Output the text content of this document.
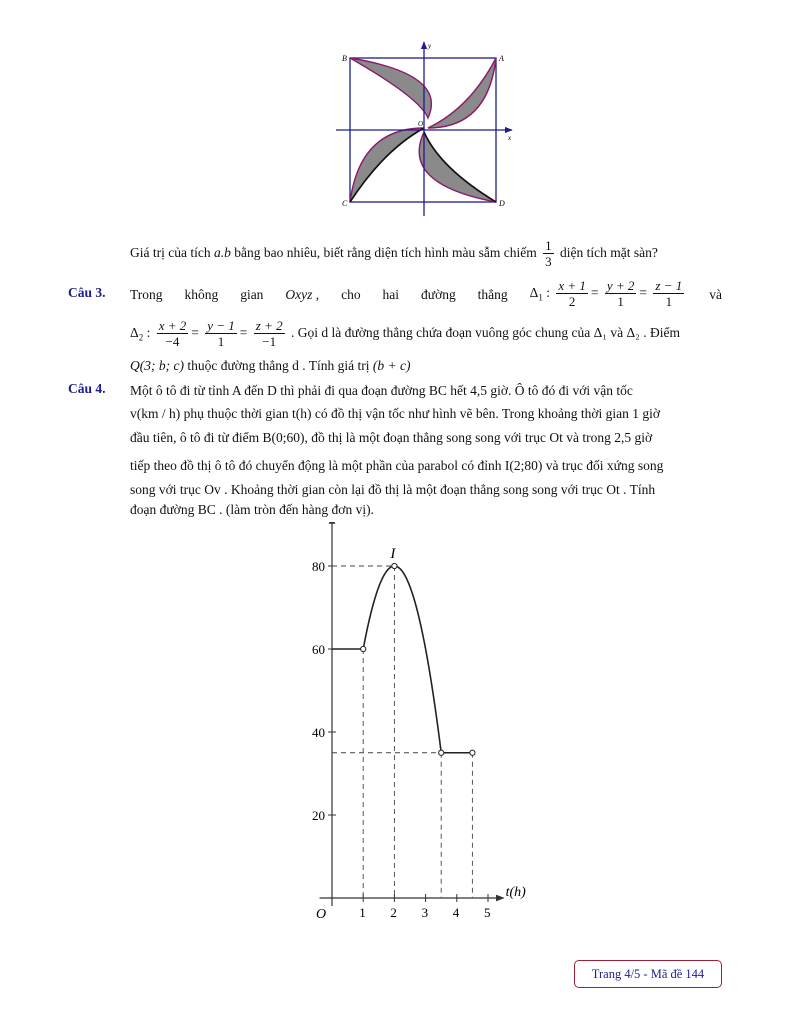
B	A
C	D
O
x
y
Giá trị của tích a.b bằng bao nhiêu, biết rằng diện tích hình màu sẫm chiếm $\frac{1}{3}$ diện tích mặt sàn?
Câu 3. Trong không gian Oxyz , cho hai đường thẳng $\Delta_1$ : $\frac{x + 1}{2} = \frac{y + 2}{1} = \frac{z - 1}{1}$ và
$\Delta_2$ : $\frac{x + 2}{-4} = \frac{y - 1}{1} = \frac{z + 2}{-1}$ . Gọi d là đường thẳng chứa đoạn vuông góc chung của Δ₁ và Δ₂ . Điểm
Q(3; b; c) thuộc đường thẳng d . Tính giá trị (b + c)
Câu 4. Một ô tô đi từ tỉnh A đến D thì phải đi qua đoạn đường BC hết 4,5 giờ. Ô tô đó đi với vận tốc
v(km / h) phụ thuộc thời gian t(h) có đồ thị vận tốc như hình vẽ bên. Trong khoảng thời gian 1 giờ
đầu tiên, ô tô đi từ điểm B(0;60), đồ thị là một đoạn thẳng song song với trục Ot và trong 2,5 giờ
tiếp theo đồ thị ô tô đó chuyển động là một phần của parabol có đỉnh I(2;80) và trục đối xứng song
song với trục Ov . Khoảng thời gian còn lại đồ thị là một đoạn thẳng song song với trục Ot . Tính
đoạn đường BC . (làm tròn đến hàng đơn vị).
1 2 3 4 5
20
40
60
80
O
t(h)
I
Trang 4/5 - Mã đề 144
